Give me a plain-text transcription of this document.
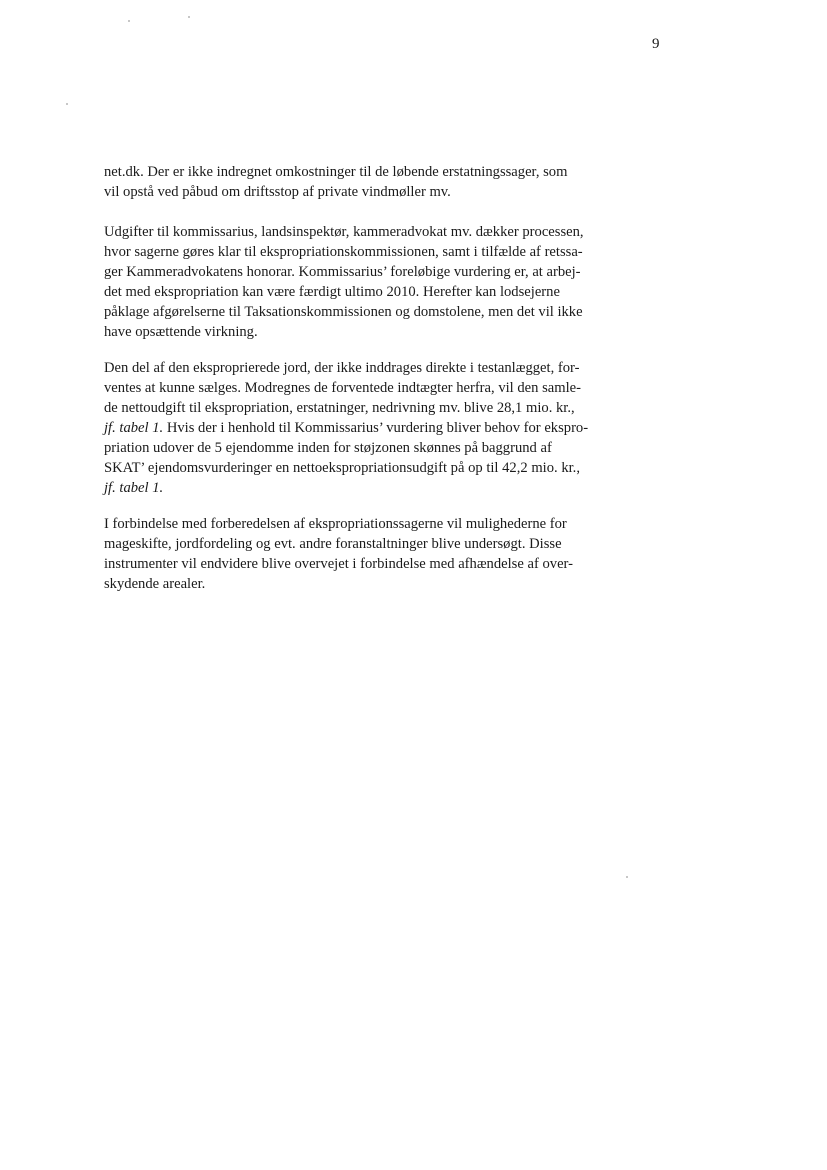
9
net.dk. Der er ikke indregnet omkostninger til de løbende erstatningssager, som
vil opstå ved påbud om driftsstop af private vindmøller mv.
Udgifter til kommissarius, landsinspektør, kammeradvokat mv. dækker processen,
hvor sagerne gøres klar til ekspropriationskommissionen, samt i tilfælde af retssa-
ger Kammeradvokatens honorar. Kommissarius’ foreløbige vurdering er, at arbej-
det med ekspropriation kan være færdigt ultimo 2010. Herefter kan lodsejerne
påklage afgørelserne til Taksationskommissionen og domstolene, men det vil ikke
have opsættende virkning.
Den del af den eksproprierede jord, der ikke inddrages direkte i testanlægget, for-
ventes at kunne sælges. Modregnes de forventede indtægter herfra, vil den samle-
de nettoudgift til ekspropriation, erstatninger, nedrivning mv. blive 28,1 mio. kr.,
jf. tabel 1. Hvis der i henhold til Kommissarius’ vurdering bliver behov for ekspro-
priation udover de 5 ejendomme inden for støjzonen skønnes på baggrund af
SKAT’ ejendomsvurderinger en nettoekspropriationsudgift på op til 42,2 mio. kr.,
jf. tabel 1.
I forbindelse med forberedelsen af ekspropriationssagerne vil mulighederne for
mageskifte, jordfordeling og evt. andre foranstaltninger blive undersøgt. Disse
instrumenter vil endvidere blive overvejet i forbindelse med afhændelse af over-
skydende arealer.
